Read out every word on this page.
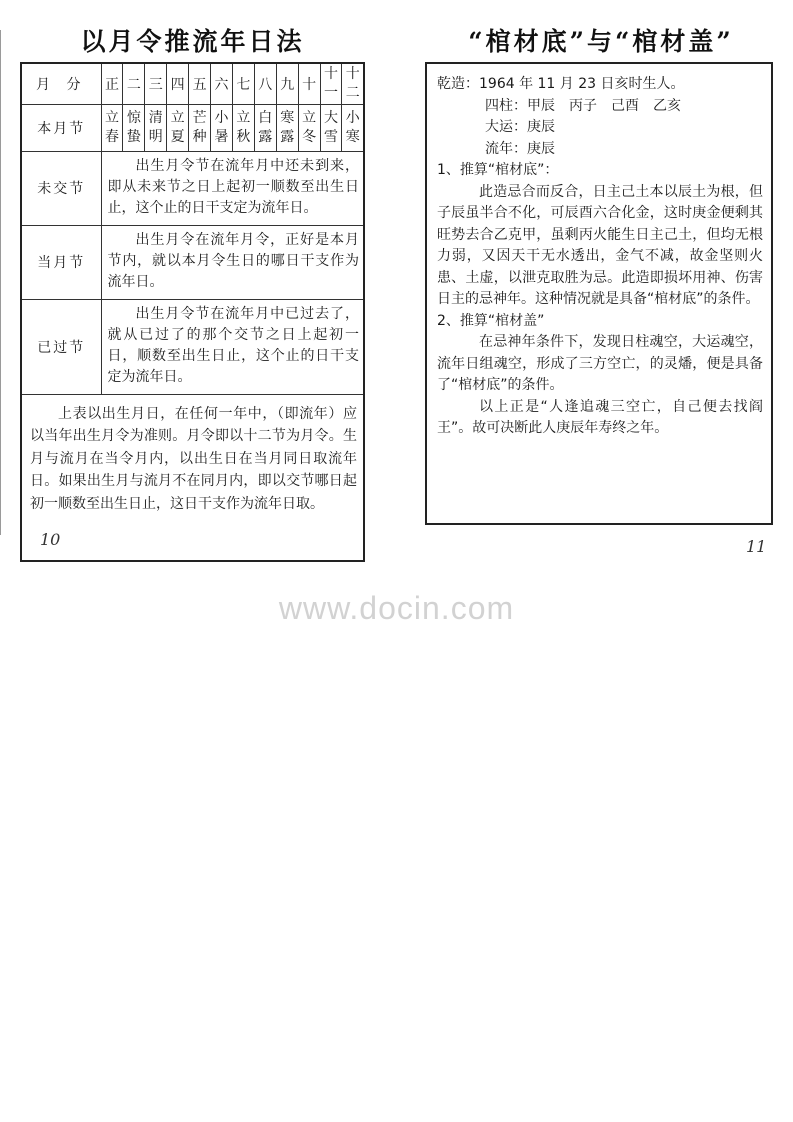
以月令推流年日法
月 分	正	二	三	四	五	六	七	八	九	十	十一	十二
本月节	立春	惊蛰	清明	立夏	芒种	小暑	立秋	白露	寒露	立冬	大雪	小寒
未交节	出生月令节在流年月中还未到来，即从未来节之日上起初一顺数至出生日止，这个止的日干支定为流年日。											
当月节	出生月令在流年月令，正好是本月节内，就以本月令生日的哪日干支作为流年日。											
已过节	出生月令节在流年月中已过去了，就从已过了的那个交节之日上起初一日，顺数至出生日止，这个止的日干支定为流年日。											
上表以出生月日，在任何一年中，（即流年）应以当年出生月令为准则。月令即以十二节为月令。生月与流月在当令月内，以出生日在当月同日取流年日。如果出生月与流月不在同月内，即以交节哪日起初一顺数至出生日止，这日干支作为流年日取。												
10
“棺材底”与“棺材盖”

乾造：1964 年 11 月 23 日亥时生人。

四柱：甲辰 丙子 己酉 乙亥

大运：庚辰

流年：庚辰

1、推算“棺材底”：

此造忌合而反合，日主己土本以辰土为根，但子辰虽半合不化，可辰酉六合化金，这时庚金便剩其旺势去合乙克甲，虽剩丙火能生日主己土，但均无根力弱，又因天干无水透出，金气不减，故金坚则火患、土虚，以泄克取胜为忌。此造即损坏用神、伤害日主的忌神年。这种情况就是具备“棺材底”的条件。

2、推算“棺材盖”

在忌神年条件下，发现日柱魂空，大运魂空，流年日组魂空，形成了三方空亡，的灵燔，便是具备了“棺材底”的条件。

以上正是“人逢追魂三空亡，自己便去找阎王”。故可决断此人庚辰年寿终之年。

11
www.docin.com
